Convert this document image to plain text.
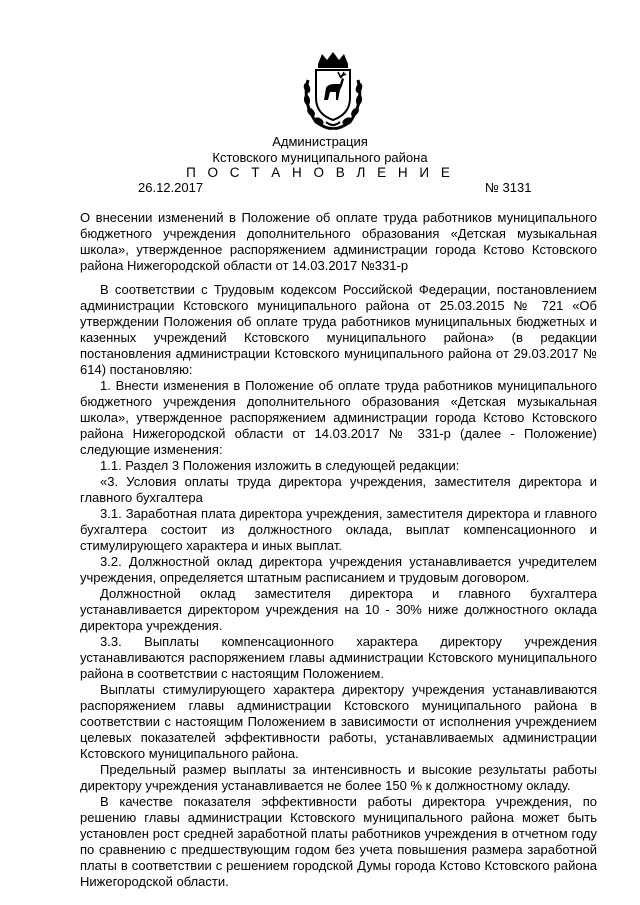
Администрация
Кстовского муниципального района
П О С Т А Н О В Л Е Н И Е
26.12.2017	№ 3131

О внесении изменений в Положение об оплате труда работников муниципального бюджетного учреждения дополнительного образования «Детская музыкальная школа», утвержденное распоряжением администрации города Кстово Кстовского района Нижегородской области от 14.03.2017 №331-р

В соответствии с Трудовым кодексом Российской Федерации, постановлением администрации Кстовского муниципального района от 25.03.2015 № 721 «Об утверждении Положения об оплате труда работников муниципальных бюджетных и казенных учреждений Кстовского муниципального района» (в редакции постановления администрации Кстовского муниципального района от 29.03.2017 № 614) постановляю:

1. Внести изменения в Положение об оплате труда работников муниципального бюджетного учреждения дополнительного образования «Детская музыкальная школа», утвержденное распоряжением администрации города Кстово Кстовского района Нижегородской области от 14.03.2017 № 331-р (далее - Положение) следующие изменения:

1.1. Раздел 3 Положения изложить в следующей редакции:

«3. Условия оплаты труда директора учреждения, заместителя директора и главного бухгалтера

3.1. Заработная плата директора учреждения, заместителя директора и главного бухгалтера состоит из должностного оклада, выплат компенсационного и стимулирующего характера и иных выплат.

3.2. Должностной оклад директора учреждения устанавливается учредителем учреждения, определяется штатным расписанием и трудовым договором.

Должностной оклад заместителя директора и главного бухгалтера устанавливается директором учреждения на 10 - 30% ниже должностного оклада директора учреждения.

3.3. Выплаты компенсационного характера директору учреждения устанавливаются распоряжением главы администрации Кстовского муниципального района в соответствии с настоящим Положением.

Выплаты стимулирующего характера директору учреждения устанавливаются распоряжением главы администрации Кстовского муниципального района в соответствии с настоящим Положением в зависимости от исполнения учреждением целевых показателей эффективности работы, устанавливаемых администрации Кстовского муниципального района.

Предельный размер выплаты за интенсивность и высокие результаты работы директору учреждения устанавливается не более 150 % к должностному окладу.

В качестве показателя эффективности работы директора учреждения, по решению главы администрации Кстовского муниципального района может быть установлен рост средней заработной платы работников учреждения в отчетном году по сравнению с предшествующим годом без учета повышения размера заработной платы в соответствии с решением городской Думы города Кстово Кстовского района Нижегородской области.
